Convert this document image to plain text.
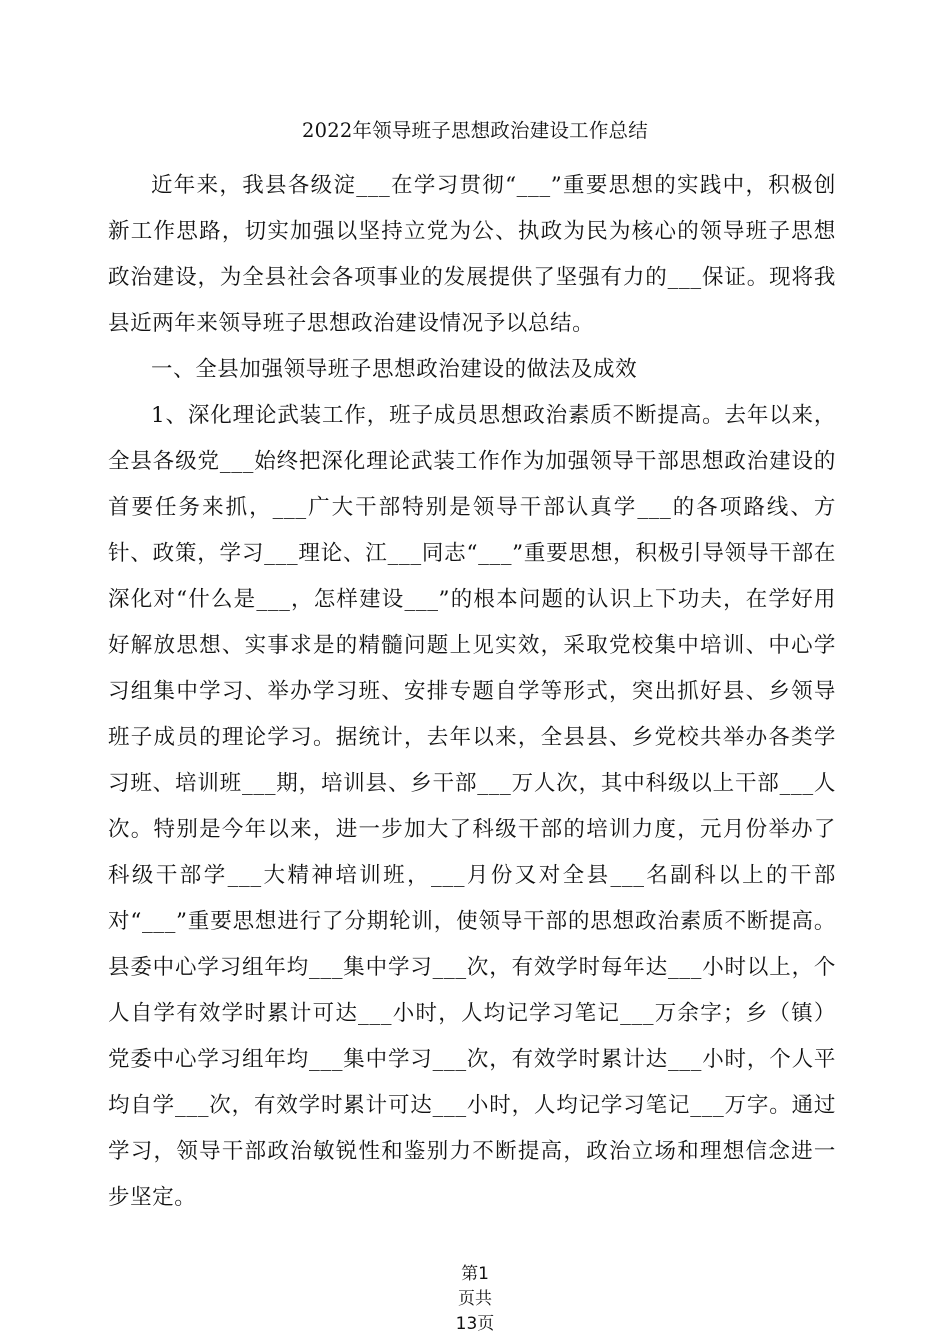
2022年领导班子思想政治建设工作总结

近年来，我县各级淀___在学习贯彻“___”重要思想的实践中，积极创新工作思路，切实加强以坚持立党为公、执政为民为核心的领导班子思想政治建设，为全县社会各项事业的发展提供了坚强有力的___保证。现将我县近两年来领导班子思想政治建设情况予以总结。

一、全县加强领导班子思想政治建设的做法及成效

1、深化理论武装工作，班子成员思想政治素质不断提高。去年以来，全县各级党___始终把深化理论武装工作作为加强领导干部思想政治建设的首要任务来抓，___广大干部特别是领导干部认真学___的各项路线、方针、政策，学习___理论、江___同志“___”重要思想，积极引导领导干部在深化对“什么是___，怎样建设___”的根本问题的认识上下功夫，在学好用好解放思想、实事求是的精髓问题上见实效，采取党校集中培训、中心学习组集中学习、举办学习班、安排专题自学等形式，突出抓好县、乡领导班子成员的理论学习。据统计，去年以来，全县县、乡党校共举办各类学习班、培训班___期，培训县、乡干部___万人次，其中科级以上干部___人次。特别是今年以来，进一步加大了科级干部的培训力度，元月份举办了科级干部学___大精神培训班，___月份又对全县___名副科以上的干部对“___”重要思想进行了分期轮训，使领导干部的思想政治素质不断提高。县委中心学习组年均___集中学习___次，有效学时每年达___小时以上，个人自学有效学时累计可达___小时，人均记学习笔记___万余字；乡（镇）党委中心学习组年均___集中学习___次，有效学时累计达___小时，个人平均自学___次，有效学时累计可达___小时，人均记学习笔记___万字。通过学习，领导干部政治敏锐性和鉴别力不断提高，政治立场和理想信念进一步坚定。

第1
页共
13页
